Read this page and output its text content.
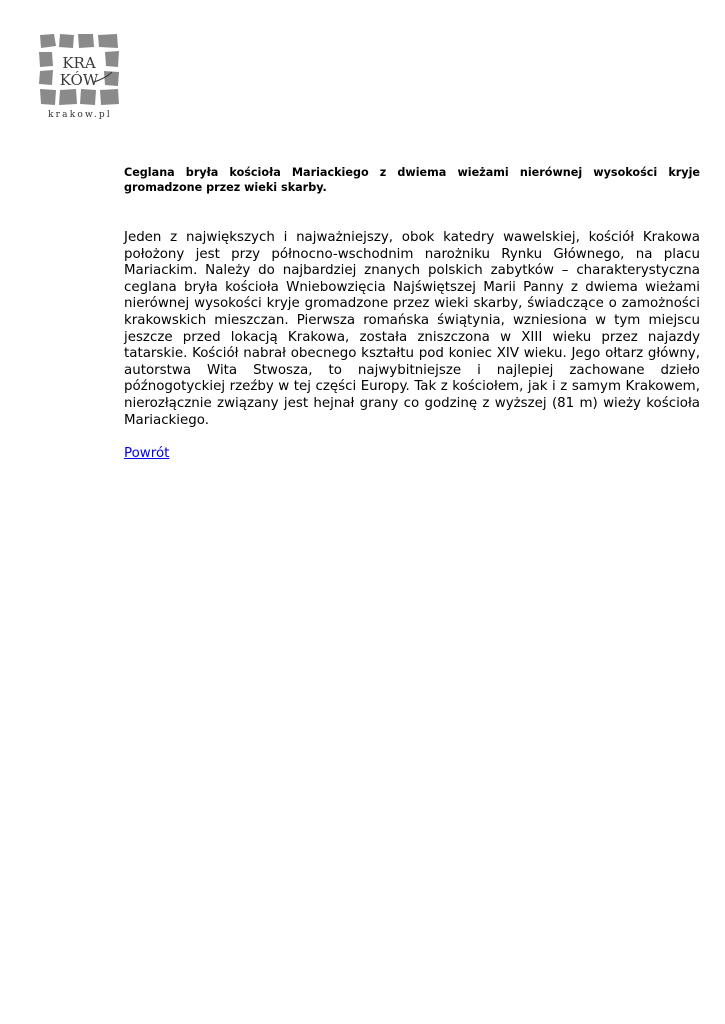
KRA
KÓW
krakow.pl

Ceglana bryła kościoła Mariackiego z dwiema wieżami nierównej wysokości kryje gromadzone przez wieki skarby.

Jeden z największych i najważniejszy, obok katedry wawelskiej, kościół Krakowa położony jest przy północno-wschodnim narożniku Rynku Głównego, na placu Mariackim. Należy do najbardziej znanych polskich zabytków – charakterystyczna ceglana bryła kościoła Wniebowzięcia Najświętszej Marii Panny z dwiema wieżami nierównej wysokości kryje gromadzone przez wieki skarby, świadczące o zamożności krakowskich mieszczan. Pierwsza romańska świątynia, wzniesiona w tym miejscu jeszcze przed lokacją Krakowa, została zniszczona w XIII wieku przez najazdy tatarskie. Kościół nabrał obecnego kształtu pod koniec XIV wieku. Jego ołtarz główny, autorstwa Wita Stwosza, to najwybitniejsze i najlepiej zachowane dzieło późnogotyckiej rzeźby w tej części Europy. Tak z kościołem, jak i z samym Krakowem, nierozłącznie związany jest hejnał grany co godzinę z wyższej (81 m) wieży kościoła Mariackiego.

Powrót
